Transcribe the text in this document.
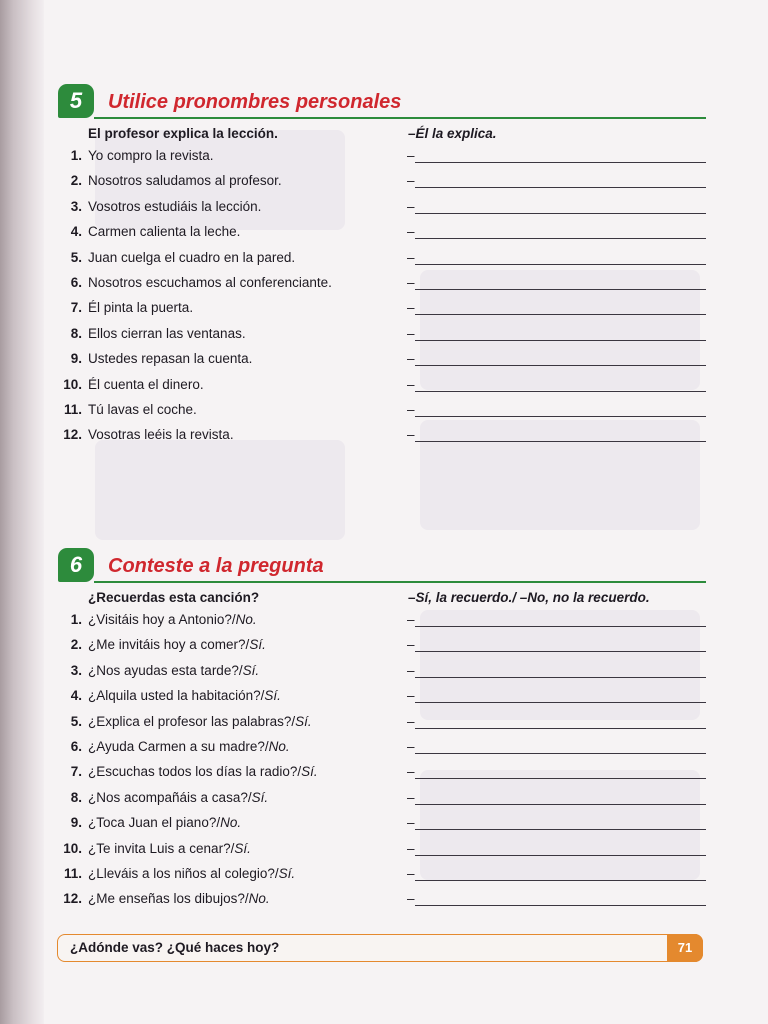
5	Utilice pronombres personales
El profesor explica la lección.	–Él la explica.
1. Yo compro la revista.	–
2. Nosotros saludamos al profesor.	–
3. Vosotros estudiáis la lección.	–
4. Carmen calienta la leche.	–
5. Juan cuelga el cuadro en la pared.	–
6. Nosotros escuchamos al conferenciante.	–
7. Él pinta la puerta.	–
8. Ellos cierran las ventanas.	–
9. Ustedes repasan la cuenta.	–
10. Él cuenta el dinero.	–
11. Tú lavas el coche.	–
12. Vosotras leéis la revista.	–
6	Conteste a la pregunta
¿Recuerdas esta canción?	–Sí, la recuerdo./ –No, no la recuerdo.
1. ¿Visitáis hoy a Antonio?/No.	–
2. ¿Me invitáis hoy a comer?/Sí.	–
3. ¿Nos ayudas esta tarde?/Sí.	–
4. ¿Alquila usted la habitación?/Sí.	–
5. ¿Explica el profesor las palabras?/Sí.	–
6. ¿Ayuda Carmen a su madre?/No.	–
7. ¿Escuchas todos los días la radio?/Sí.	–
8. ¿Nos acompañáis a casa?/Sí.	–
9. ¿Toca Juan el piano?/No.	–
10. ¿Te invita Luis a cenar?/Sí.	–
11. ¿Lleváis a los niños al colegio?/Sí.	–
12. ¿Me enseñas los dibujos?/No.	–
¿Adónde vas? ¿Qué haces hoy?	71
